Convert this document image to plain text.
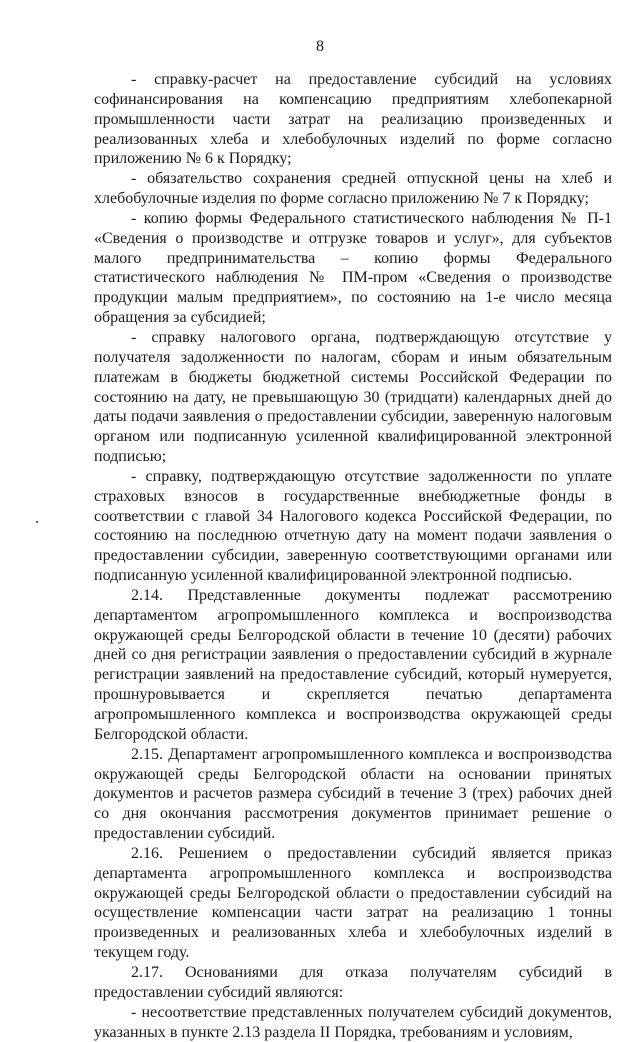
8

- справку-расчет на предоставление субсидий на условиях софинансирования на компенсацию предприятиям хлебопекарной промышленности части затрат на реализацию произведенных и реализованных хлеба и хлебобулочных изделий по форме согласно приложению № 6 к Порядку;

- обязательство сохранения средней отпускной цены на хлеб и хлебобулочные изделия по форме согласно приложению № 7 к Порядку;

- копию формы Федерального статистического наблюдения № П-1 «Сведения о производстве и отгрузке товаров и услуг», для субъектов малого предпринимательства – копию формы Федерального статистического наблюдения № ПМ-пром «Сведения о производстве продукции малым предприятием», по состоянию на 1-е число месяца обращения за субсидией;

- справку налогового органа, подтверждающую отсутствие у получателя задолженности по налогам, сборам и иным обязательным платежам в бюджеты бюджетной системы Российской Федерации по состоянию на дату, не превышающую 30 (тридцати) календарных дней до даты подачи заявления о предоставлении субсидии, заверенную налоговым органом или подписанную усиленной квалифицированной электронной подписью;

- справку, подтверждающую отсутствие задолженности по уплате страховых взносов в государственные внебюджетные фонды в соответствии с главой 34 Налогового кодекса Российской Федерации, по состоянию на последнюю отчетную дату на момент подачи заявления о предоставлении субсидии, заверенную соответствующими органами или подписанную усиленной квалифицированной электронной подписью.

2.14. Представленные документы подлежат рассмотрению департаментом агропромышленного комплекса и воспроизводства окружающей среды Белгородской области в течение 10 (десяти) рабочих дней со дня регистрации заявления о предоставлении субсидий в журнале регистрации заявлений на предоставление субсидий, который нумеруется, прошнуровывается и скрепляется печатью департамента агропромышленного комплекса и воспроизводства окружающей среды Белгородской области.

2.15. Департамент агропромышленного комплекса и воспроизводства окружающей среды Белгородской области на основании принятых документов и расчетов размера субсидий в течение 3 (трех) рабочих дней со дня окончания рассмотрения документов принимает решение о предоставлении субсидий.

2.16. Решением о предоставлении субсидий является приказ департамента агропромышленного комплекса и воспроизводства окружающей среды Белгородской области о предоставлении субсидий на осуществление компенсации части затрат на реализацию 1 тонны произведенных и реализованных хлеба и хлебобулочных изделий в текущем году.

2.17. Основаниями для отказа получателям субсидий в предоставлении субсидий являются:

- несоответствие представленных получателем субсидий документов, указанных в пункте 2.13 раздела II Порядка, требованиям и условиям,
